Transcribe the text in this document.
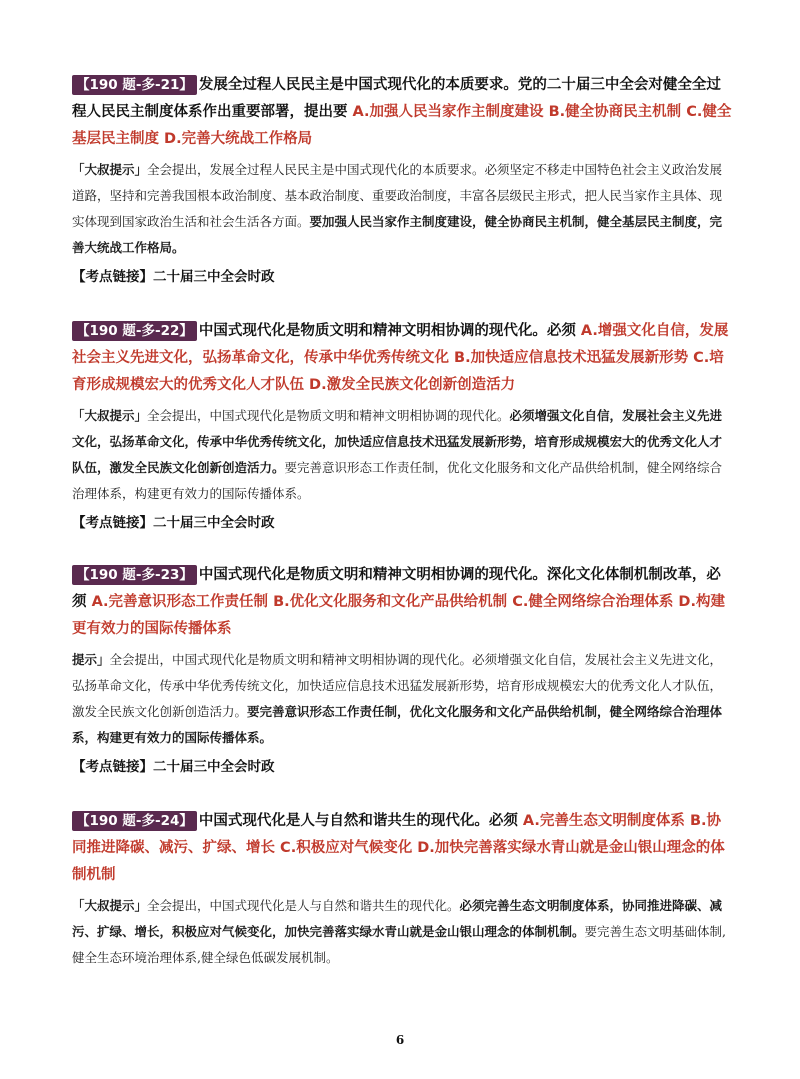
【190 题-多-21】 发展全过程人民民主是中国式现代化的本质要求。党的二十届三中全会对健全全过程人民民主制度体系作出重要部署，提出要 A.加强人民当家作主制度建设 B.健全协商民主机制 C.健全基层民主制度 D.完善大统战工作格局

「大叔提示」全会提出，发展全过程人民民主是中国式现代化的本质要求。必须坚定不移走中国特色社会主义政治发展道路，坚持和完善我国根本政治制度、基本政治制度、重要政治制度，丰富各层级民主形式，把人民当家作主具体、现实体现到国家政治生活和社会生活各方面。要加强人民当家作主制度建设，健全协商民主机制，健全基层民主制度，完善大统战工作格局。

【考点链接】二十届三中全会时政

【190 题-多-22】 中国式现代化是物质文明和精神文明相协调的现代化。必须 A.增强文化自信，发展社会主义先进文化，弘扬革命文化，传承中华优秀传统文化 B.加快适应信息技术迅猛发展新形势 C.培育形成规模宏大的优秀文化人才队伍 D.激发全民族文化创新创造活力

「大叔提示」全会提出，中国式现代化是物质文明和精神文明相协调的现代化。必须增强文化自信，发展社会主义先进文化，弘扬革命文化，传承中华优秀传统文化，加快适应信息技术迅猛发展新形势，培育形成规模宏大的优秀文化人才队伍，激发全民族文化创新创造活力。要完善意识形态工作责任制，优化文化服务和文化产品供给机制，健全网络综合治理体系，构建更有效力的国际传播体系。

【考点链接】二十届三中全会时政

【190 题-多-23】 中国式现代化是物质文明和精神文明相协调的现代化。深化文化体制机制改革，必须 A.完善意识形态工作责任制 B.优化文化服务和文化产品供给机制 C.健全网络综合治理体系 D.构建更有效力的国际传播体系

提示」全会提出，中国式现代化是物质文明和精神文明相协调的现代化。必须增强文化自信，发展社会主义先进文化，弘扬革命文化，传承中华优秀传统文化，加快适应信息技术迅猛发展新形势，培育形成规模宏大的优秀文化人才队伍，激发全民族文化创新创造活力。要完善意识形态工作责任制，优化文化服务和文化产品供给机制，健全网络综合治理体系，构建更有效力的国际传播体系。

【考点链接】二十届三中全会时政

【190 题-多-24】 中国式现代化是人与自然和谐共生的现代化。必须 A.完善生态文明制度体系 B.协同推进降碳、减污、扩绿、增长 C.积极应对气候变化 D.加快完善落实绿水青山就是金山银山理念的体制机制

「大叔提示」全会提出，中国式现代化是人与自然和谐共生的现代化。必须完善生态文明制度体系，协同推进降碳、减污、扩绿、增长，积极应对气候变化，加快完善落实绿水青山就是金山银山理念的体制机制。要完善生态文明基础体制,健全生态环境治理体系,健全绿色低碳发展机制。

6
